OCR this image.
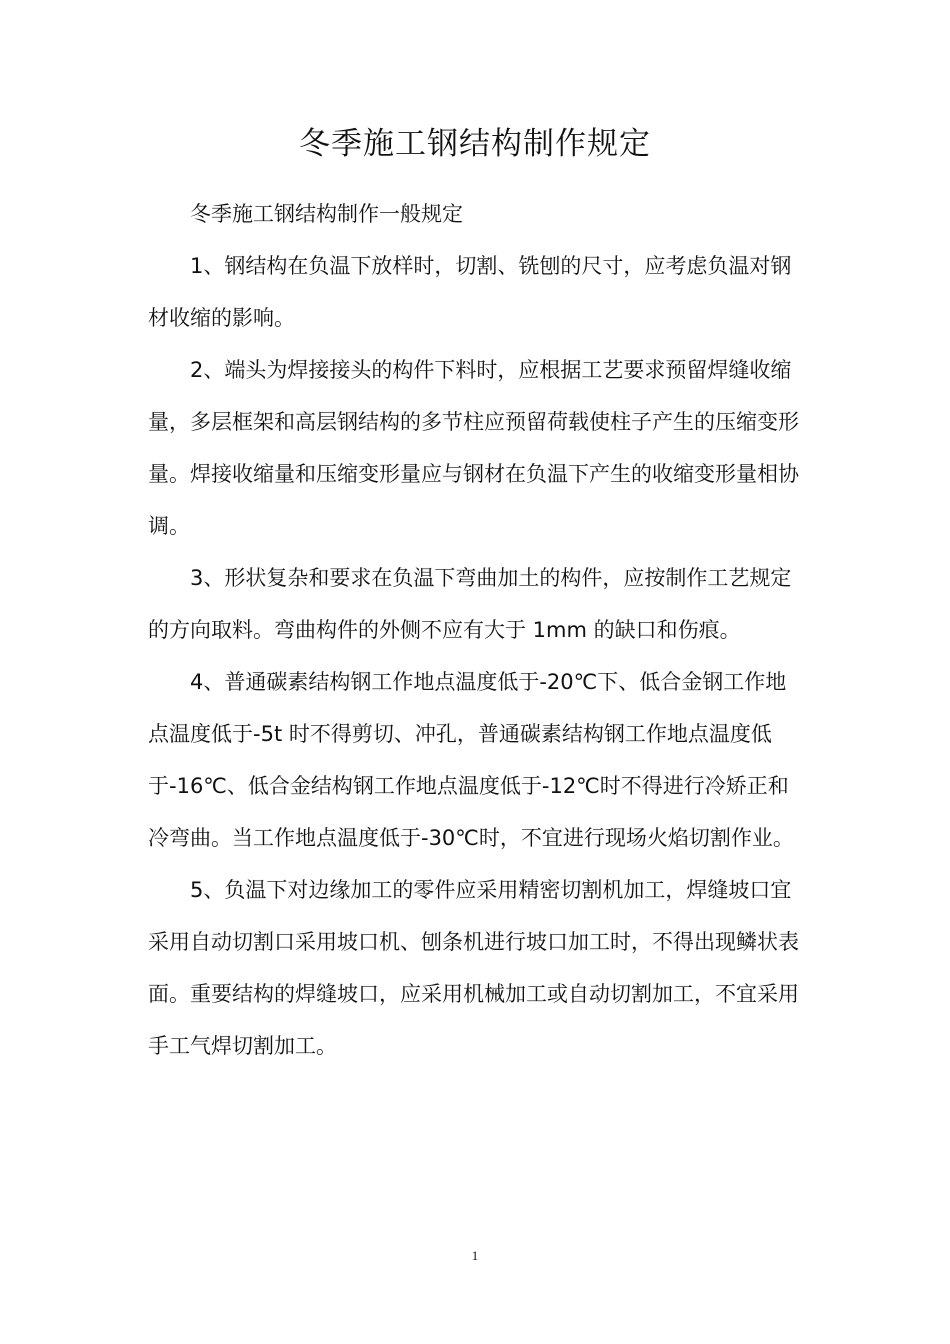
冬季施工钢结构制作规定

冬季施工钢结构制作一般规定

1、钢结构在负温下放样时，切割、铣刨的尺寸，应考虑负温对钢材收缩的影响。

2、端头为焊接接头的构件下料时，应根据工艺要求预留焊缝收缩量，多层框架和高层钢结构的多节柱应预留荷载使柱子产生的压缩变形量。焊接收缩量和压缩变形量应与钢材在负温下产生的收缩变形量相协调。

3、形状复杂和要求在负温下弯曲加土的构件，应按制作工艺规定的方向取料。弯曲构件的外侧不应有大于 1mm 的缺口和伤痕。

4、普通碳素结构钢工作地点温度低于-20℃下、低合金钢工作地点温度低于-5t 时不得剪切、冲孔，普通碳素结构钢工作地点温度低于-16℃、低合金结构钢工作地点温度低于-12℃时不得进行冷矫正和冷弯曲。当工作地点温度低于-30℃时，不宜进行现场火焰切割作业。

5、负温下对边缘加工的零件应采用精密切割机加工，焊缝坡口宜采用自动切割口采用坡口机、刨条机进行坡口加工时，不得出现鳞状表面。重要结构的焊缝坡口，应采用机械加工或自动切割加工，不宜采用手工气焊切割加工。

1
